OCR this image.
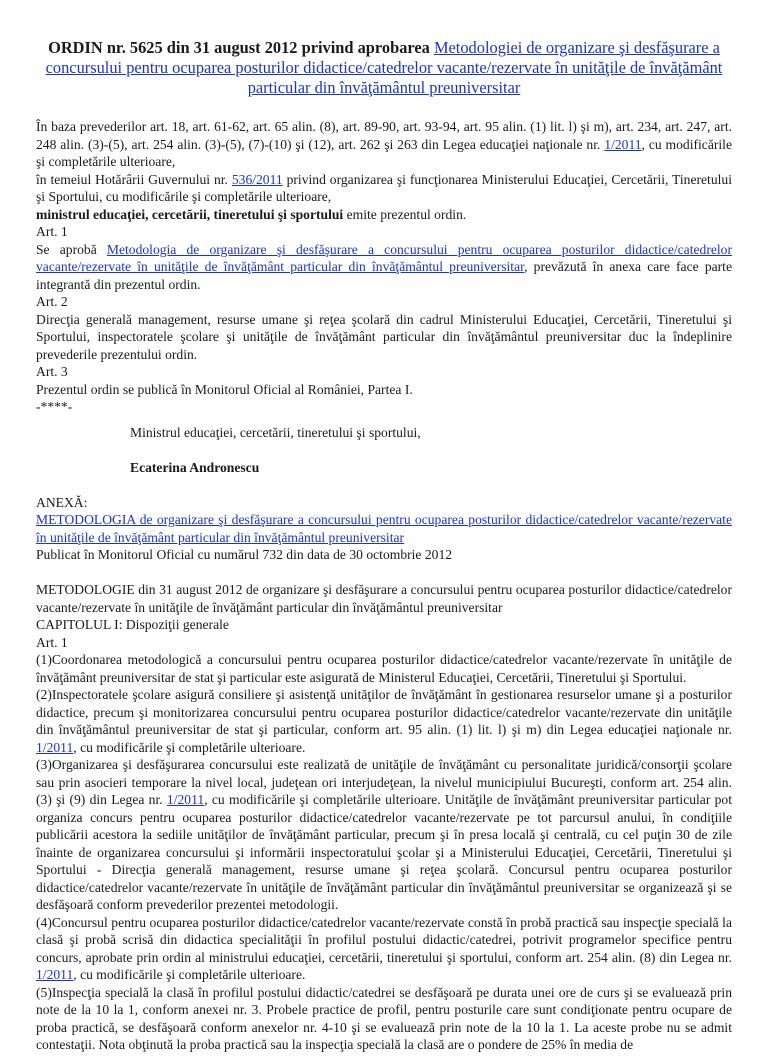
ORDIN nr. 5625 din 31 august 2012 privind aprobarea Metodologiei de organizare şi desfăşurare a concursului pentru ocuparea posturilor didactice/catedrelor vacante/rezervate în unităţile de învăţământ particular din învăţământul preuniversitar

În baza prevederilor art. 18, art. 61-62, art. 65 alin. (8), art. 89-90, art. 93-94, art. 95 alin. (1) lit. l) şi m), art. 234, art. 247, art. 248 alin. (3)-(5), art. 254 alin. (3)-(5), (7)-(10) şi (12), art. 262 şi 263 din Legea educaţiei naţionale nr. 1/2011, cu modificările şi completările ulterioare,

în temeiul Hotărârii Guvernului nr. 536/2011 privind organizarea şi funcţionarea Ministerului Educaţiei, Cercetării, Tineretului şi Sportului, cu modificările şi completările ulterioare,

ministrul educaţiei, cercetării, tineretului şi sportului emite prezentul ordin.

Art. 1

Se aprobă Metodologia de organizare şi desfăşurare a concursului pentru ocuparea posturilor didactice/catedrelor vacante/rezervate în unităţile de învăţământ particular din învăţământul preuniversitar, prevăzută în anexa care face parte integrantă din prezentul ordin.

Art. 2

Direcţia generală management, resurse umane şi reţea şcolară din cadrul Ministerului Educaţiei, Cercetării, Tineretului şi Sportului, inspectoratele şcolare şi unităţile de învăţământ particular din învăţământul preuniversitar duc la îndeplinire prevederile prezentului ordin.

Art. 3

Prezentul ordin se publică în Monitorul Oficial al României, Partea I.

-****-

Ministrul educaţiei, cercetării, tineretului şi sportului,

Ecaterina Andronescu

ANEXĂ:

METODOLOGIA de organizare şi desfăşurare a concursului pentru ocuparea posturilor didactice/catedrelor vacante/rezervate în unităţile de învăţământ particular din învăţământul preuniversitar

Publicat în Monitorul Oficial cu numărul 732 din data de 30 octombrie 2012

METODOLOGIE din 31 august 2012 de organizare şi desfăşurare a concursului pentru ocuparea posturilor didactice/catedrelor vacante/rezervate în unităţile de învăţământ particular din învăţământul preuniversitar

CAPITOLUL I: Dispoziţii generale

Art. 1

(1)Coordonarea metodologică a concursului pentru ocuparea posturilor didactice/catedrelor vacante/rezervate în unităţile de învăţământ preuniversitar de stat şi particular este asigurată de Ministerul Educaţiei, Cercetării, Tineretului şi Sportului.

(2)Inspectoratele şcolare asigură consiliere şi asistenţă unităţilor de învăţământ în gestionarea resurselor umane şi a posturilor didactice, precum şi monitorizarea concursului pentru ocuparea posturilor didactice/catedrelor vacante/rezervate din unităţile din învăţământul preuniversitar de stat şi particular, conform art. 95 alin. (1) lit. l) şi m) din Legea educaţiei naţionale nr. 1/2011, cu modificările şi completările ulterioare.

(3)Organizarea şi desfăşurarea concursului este realizată de unităţile de învăţământ cu personalitate juridică/consorţii şcolare sau prin asocieri temporare la nivel local, judeţean ori interjudeţean, la nivelul municipiului Bucureşti, conform art. 254 alin. (3) şi (9) din Legea nr. 1/2011, cu modificările şi completările ulterioare. Unităţile de învăţământ preuniversitar particular pot organiza concurs pentru ocuparea posturilor didactice/catedrelor vacante/rezervate pe tot parcursul anului, în condiţiile publicării acestora la sediile unităţilor de învăţământ particular, precum şi în presa locală şi centrală, cu cel puţin 30 de zile înainte de organizarea concursului şi informării inspectoratului şcolar şi a Ministerului Educaţiei, Cercetării, Tineretului şi Sportului - Direcţia generală management, resurse umane şi reţea şcolară. Concursul pentru ocuparea posturilor didactice/catedrelor vacante/rezervate în unităţile de învăţământ particular din învăţământul preuniversitar se organizează şi se desfăşoară conform prevederilor prezentei metodologii.

(4)Concursul pentru ocuparea posturilor didactice/catedrelor vacante/rezervate constă în probă practică sau inspecţie specială la clasă şi probă scrisă din didactica specialităţii în profilul postului didactic/catedrei, potrivit programelor specifice pentru concurs, aprobate prin ordin al ministrului educaţiei, cercetării, tineretului şi sportului, conform art. 254 alin. (8) din Legea nr. 1/2011, cu modificările şi completările ulterioare.

(5)Inspecţia specială la clasă în profilul postului didactic/catedrei se desfăşoară pe durata unei ore de curs şi se evaluează prin note de la 10 la 1, conform anexei nr. 3. Probele practice de profil, pentru posturile care sunt condiţionate pentru ocupare de proba practică, se desfăşoară conform anexelor nr. 4-10 şi se evaluează prin note de la 10 la 1. La aceste probe nu se admit contestaţii. Nota obţinută la proba practică sau la inspecţia specială la clasă are o pondere de 25% în media de
